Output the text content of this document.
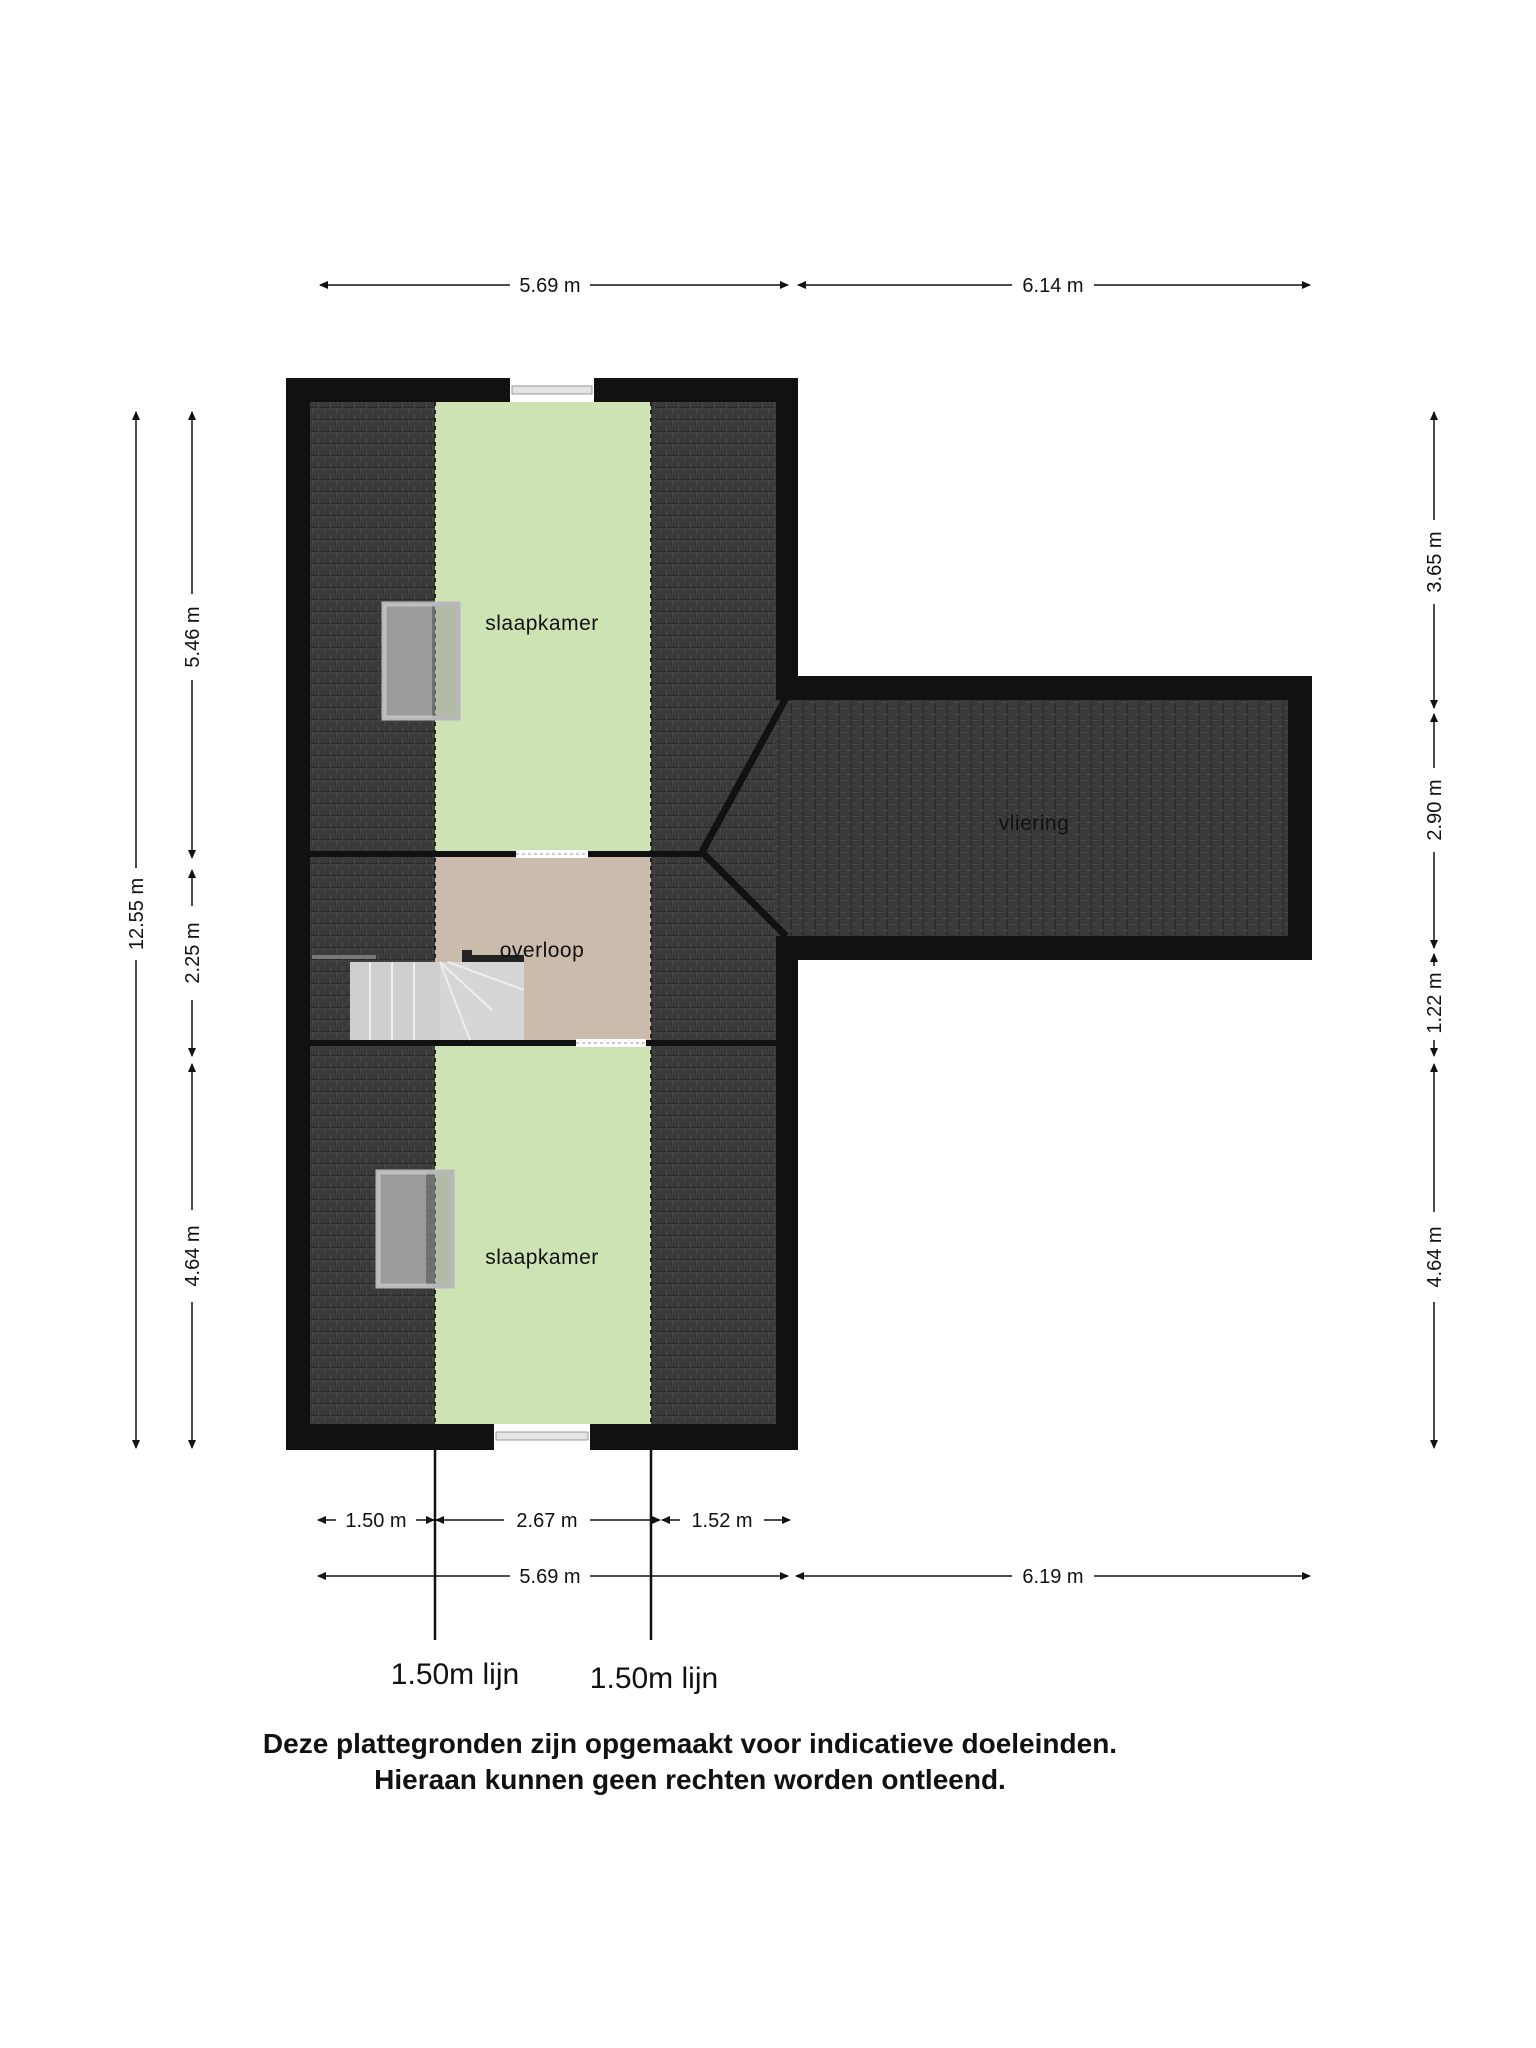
slaapkamer
slaapkamer
overloop
vliering
5.69 m	6.14 m
1.50 m	2.67 m	1.52 m
5.69 m	6.19 m
12.55 m
5.46 m
2.25 m
4.64 m
3.65 m
2.90 m
1.22 m
4.64 m
1.50m lijn 1.50m lijn
Deze plattegronden zijn opgemaakt voor indicatieve doeleinden.
Hieraan kunnen geen rechten worden ontleend.
